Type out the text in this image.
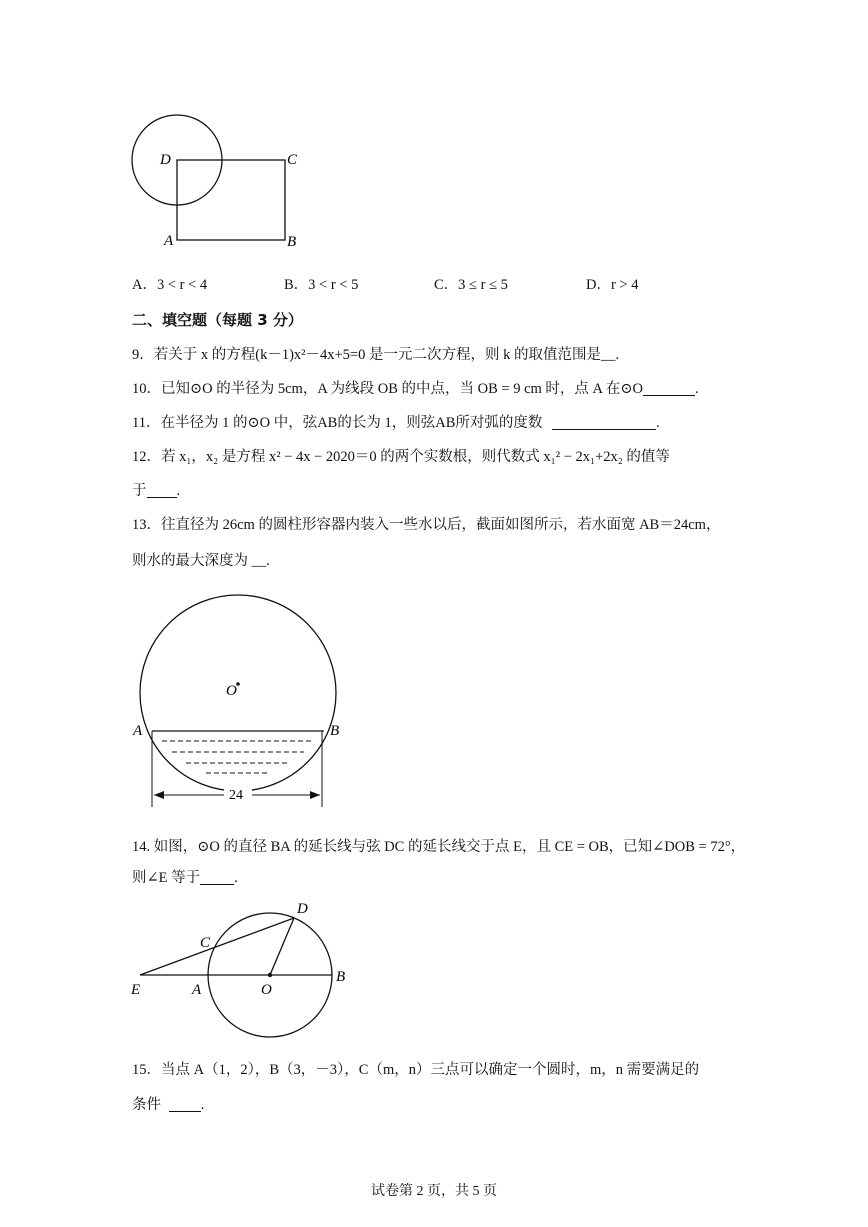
D	C
A	B
A．3 < r < 4	B．3 < r < 5	C．3 ≤ r ≤ 5	D．r > 4
二、填空题（每题 3 分）
9．若关于 x 的方程(k－1)x²－4x+5=0 是一元二次方程，则 k 的取值范围是__.
10．已知⊙O 的半径为 5cm，A 为线段 OB 的中点，当 OB = 9 cm 时，点 A 在⊙O	.
11．在半径为 1 的⊙O 中，弦AB的长为 1，则弦AB所对弧的度数	.
12．若 x₁，x₂ 是方程 x² − 4x − 2020＝0 的两个实数根，则代数式 x₁² − 2x₁+2x₂ 的值等
于 .
13．往直径为 26cm 的圆柱形容器内装入一些水以后，截面如图所示，若水面宽 AB＝24cm，
则水的最大深度为 __.
O
A	B
24
14. 如图，⊙O 的直径 BA 的延长线与弦 DC 的延长线交于点 E，且 CE = OB，已知∠DOB = 72°，
则∠E 等于 .
D
C
E	A	O
B
15．当点 A（1，2），B（3，－3），C（m，n）三点可以确定一个圆时，m，n 需要满足的
条件	.
试卷第 2 页，共 5 页
